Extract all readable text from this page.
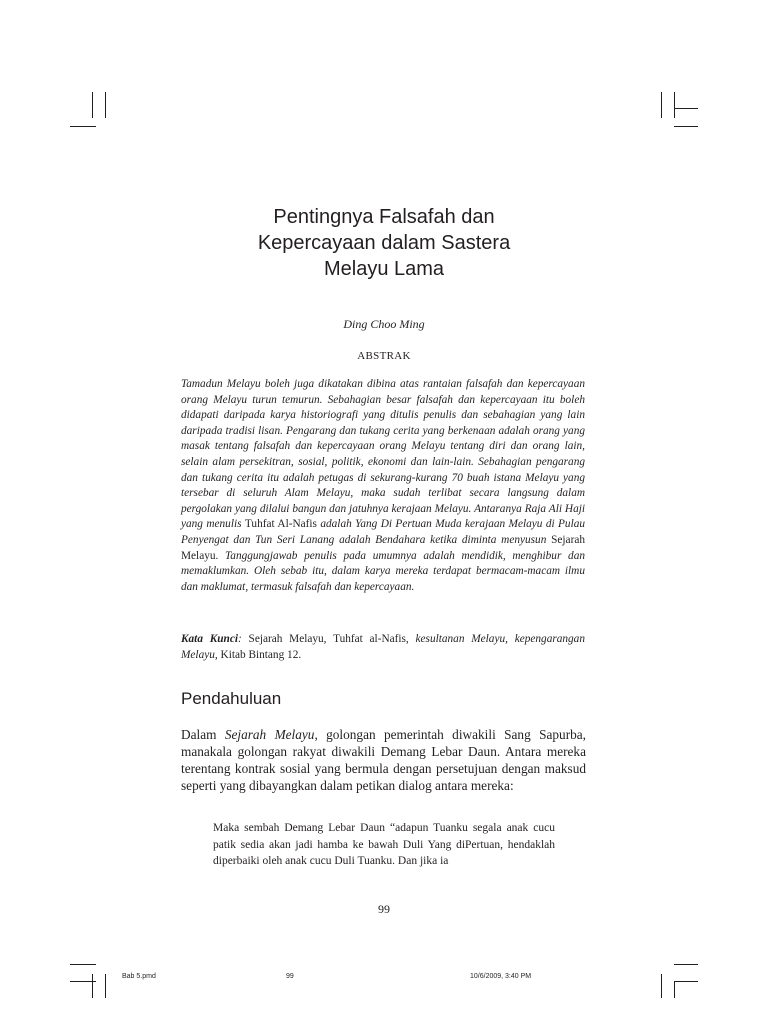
Pentingnya Falsafah dan
Kepercayaan dalam Sastera
Melayu Lama
Ding Choo Ming
ABSTRAK
Tamadun Melayu boleh juga dikatakan dibina atas rantaian falsafah dan kepercayaan orang Melayu turun temurun. Sebahagian besar falsafah dan kepercayaan itu boleh didapati daripada karya historiografi yang ditulis penulis dan sebahagian yang lain daripada tradisi lisan. Pengarang dan tukang cerita yang berkenaan adalah orang yang masak tentang falsafah dan kepercayaan orang Melayu tentang diri dan orang lain, selain alam persekitran, sosial, politik, ekonomi dan lain-lain. Sebahagian pengarang dan tukang cerita itu adalah petugas di sekurang-kurang 70 buah istana Melayu yang tersebar di seluruh Alam Melayu, maka sudah terlibat secara langsung dalam pergolakan yang dilalui bangun dan jatuhnya kerajaan Melayu. Antaranya Raja Ali Haji yang menulis Tuhfat Al-Nafis adalah Yang Di Pertuan Muda kerajaan Melayu di Pulau Penyengat dan Tun Seri Lanang adalah Bendahara ketika diminta menyusun Sejarah Melayu. Tanggungjawab penulis pada umumnya adalah mendidik, menghibur dan memaklumkan. Oleh sebab itu, dalam karya mereka terdapat bermacam-macam ilmu dan maklumat, termasuk falsafah dan kepercayaan.
Kata Kunci: Sejarah Melayu, Tuhfat al-Nafis, kesultanan Melayu, kepengarangan Melayu, Kitab Bintang 12.
Pendahuluan
Dalam Sejarah Melayu, golongan pemerintah diwakili Sang Sapurba, manakala golongan rakyat diwakili Demang Lebar Daun. Antara mereka terentang kontrak sosial yang bermula dengan persetujuan dengan maksud seperti yang dibayangkan dalam petikan dialog antara mereka:
Maka sembah Demang Lebar Daun “adapun Tuanku segala anak cucu patik sedia akan jadi hamba ke bawah Duli Yang diPertuan, hendaklah diperbaiki oleh anak cucu Duli Tuanku. Dan jika ia
99
Bab 5.pmd	99	10/6/2009, 3:40 PM
